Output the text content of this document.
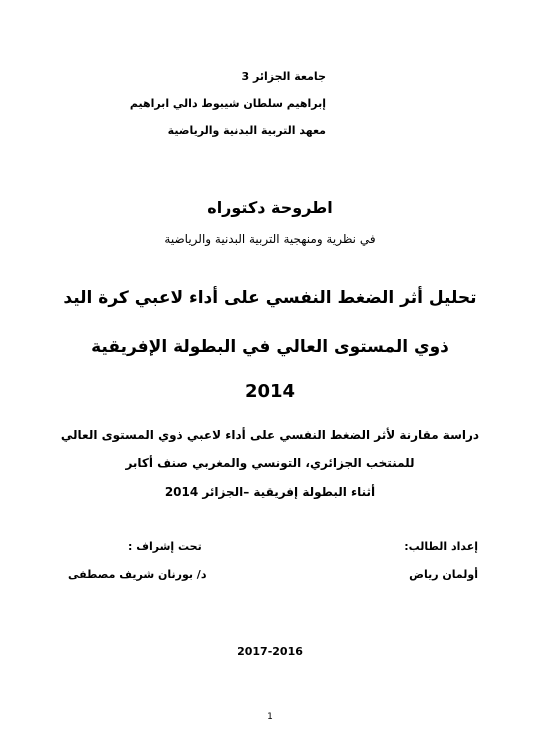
جامعة الجزائر 3
إبراهيم سلطان شيبوط دالي ابراهيم
معهد التربية البدنية والرياضية
اطروحة دكتوراه
في نظرية ومنهجية التربية البدنية والرياضية
تحليل أثر الضغط النفسي على أداء لاعبي كرة اليد
ذوي المستوى العالي في البطولة الإفريقية
2014
دراسة مقارنة لأثر الضغط النفسي على أداء لاعبي ذوي المستوى العالي
للمنتخب الجزائري، التونسي والمغربي صنف أكابر
أثناء البطولة إفريقية –الجزائر 2014
إعداد الطالب:
أولمان رياض
تحت إشراف :
د/ بورنان شريف مصطفى
2017-2016
1
